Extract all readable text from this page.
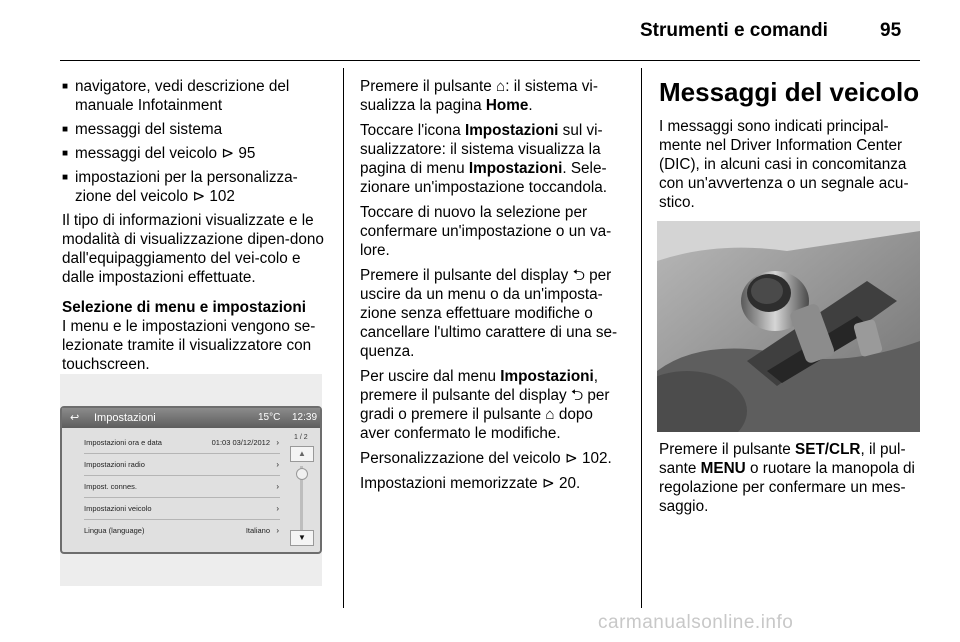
Strumenti e comandi	95
■ navigatore, vedi descrizione del manuale Infotainment
■ messaggi del sistema
■ messaggi del veicolo ⊳ 95
■ impostazioni per la personalizza-zione del veicolo ⊳ 102

Il tipo di informazioni visualizzate e le modalità di visualizzazione dipen-dono dall'equipaggiamento del vei-colo e dalle impostazioni effettuate.

Selezione di menu e impostazioni

I menu e le impostazioni vengono se-lezionate tramite il visualizzatore con touchscreen.

↩ Impostazioni	15°C 12:39
Impostazioni ora e data	01:03 03/12/2012 ›
Impostazioni radio	›
Impost. connes.	›
Impostazioni veicolo	›
Lingua (language)	Italiano ›
1 / 2
▲
▼

Premere il pulsante ⌂: il sistema vi-sualizza la pagina Home.

Toccare l'icona Impostazioni sul vi-sualizzatore: il sistema visualizza la pagina di menu Impostazioni. Sele-zionare un'impostazione toccandola.

Toccare di nuovo la selezione per confermare un'impostazione o un va-lore.

Premere il pulsante del display ⮌ per uscire da un menu o da un'imposta-zione senza effettuare modifiche o cancellare l'ultimo carattere di una se-quenza.

Per uscire dal menu Impostazioni, premere il pulsante del display ⮌ per gradi o premere il pulsante ⌂ dopo aver confermato le modifiche.

Personalizzazione del veicolo ⊳ 102.

Impostazioni memorizzate ⊳ 20.

Messaggi del veicolo

I messaggi sono indicati principal-mente nel Driver Information Center (DIC), in alcuni casi in concomitanza con un'avvertenza o un segnale acu-stico.

Premere il pulsante SET/CLR, il pul-sante MENU o ruotare la manopola di regolazione per confermare un mes-saggio.

carmanualsonline.info
